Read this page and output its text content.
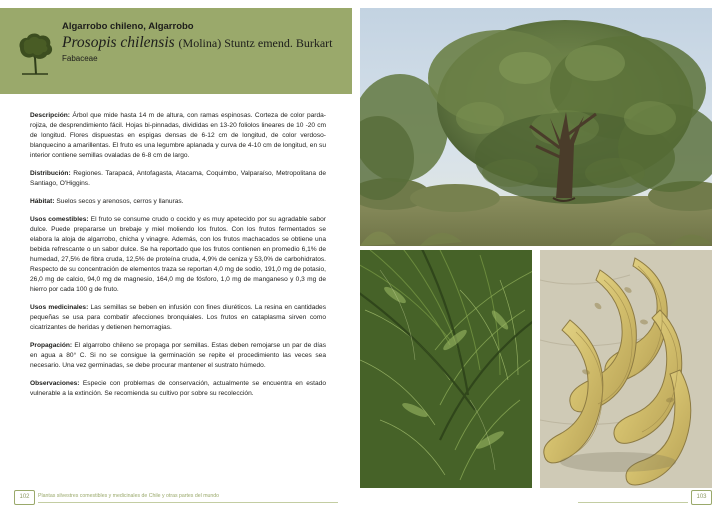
Algarrobo chileno, Algarrobo
Prosopis chilensis (Molina) Stuntz emend. Burkart
Fabaceae

Descripción: Árbol que mide hasta 14 m de altura, con ramas espinosas. Corteza de color parda-rojiza, de desprendimiento fácil. Hojas bi-pinnadas, divididas en 13-20 foliolos lineares de 10 -20 cm de longitud. Flores dispuestas en espigas densas de 6-12 cm de longitud, de color verdoso-blanquecino a amarillentas. El fruto es una legumbre aplanada y curva de 4-10 cm de longitud, en su interior contiene semillas ovaladas de 6-8 cm de largo.

Distribución: Regiones. Tarapacá, Antofagasta, Atacama, Coquimbo, Valparaíso, Metropolitana de Santiago, O'Higgins.

Hábitat: Suelos secos y arenosos, cerros y llanuras.

Usos comestibles: El fruto se consume crudo o cocido y es muy apetecido por su agradable sabor dulce. Puede prepararse un brebaje y miel moliendo los frutos. Con los frutos fermentados se elabora la aloja de algarrobo, chicha y vinagre. Además, con los frutos machacados se obtiene una bebida refrescante o un sabor dulce. Se ha reportado que los frutos contienen en promedio 6,1% de humedad, 27,5% de fibra cruda, 12,5% de proteína cruda, 4,9% de ceniza y 53,0% de carbohidratos. Respecto de su concentración de elementos traza se reportan 4,0 mg de sodio, 191,0 mg de potasio, 26,0 mg de calcio, 94,0 mg de magnesio, 164,0 mg de fósforo, 1,0 mg de manganeso y 0,3 mg de hierro por cada 100 g de fruto.

Usos medicinales: Las semillas se beben en infusión con fines diuréticos. La resina en cantidades pequeñas se usa para combatir afecciones bronquiales. Los frutos en cataplasma sirven como cicatrizantes de heridas y detienen hemorragias.

Propagación: El algarrobo chileno se propaga por semillas. Estas deben remojarse un par de días en agua a 80° C. Si no se consigue la germinación se repite el procedimiento las veces sea necesario. Una vez germinadas, se debe procurar mantener el sustrato húmedo.

Observaciones: Especie con problemas de conservación, actualmente se encuentra en estado vulnerable a la extinción. Se recomienda su cultivo por sobre su recolección.

102	Plantas silvestres comestibles y medicinales de Chile y otras partes del mundo	103
